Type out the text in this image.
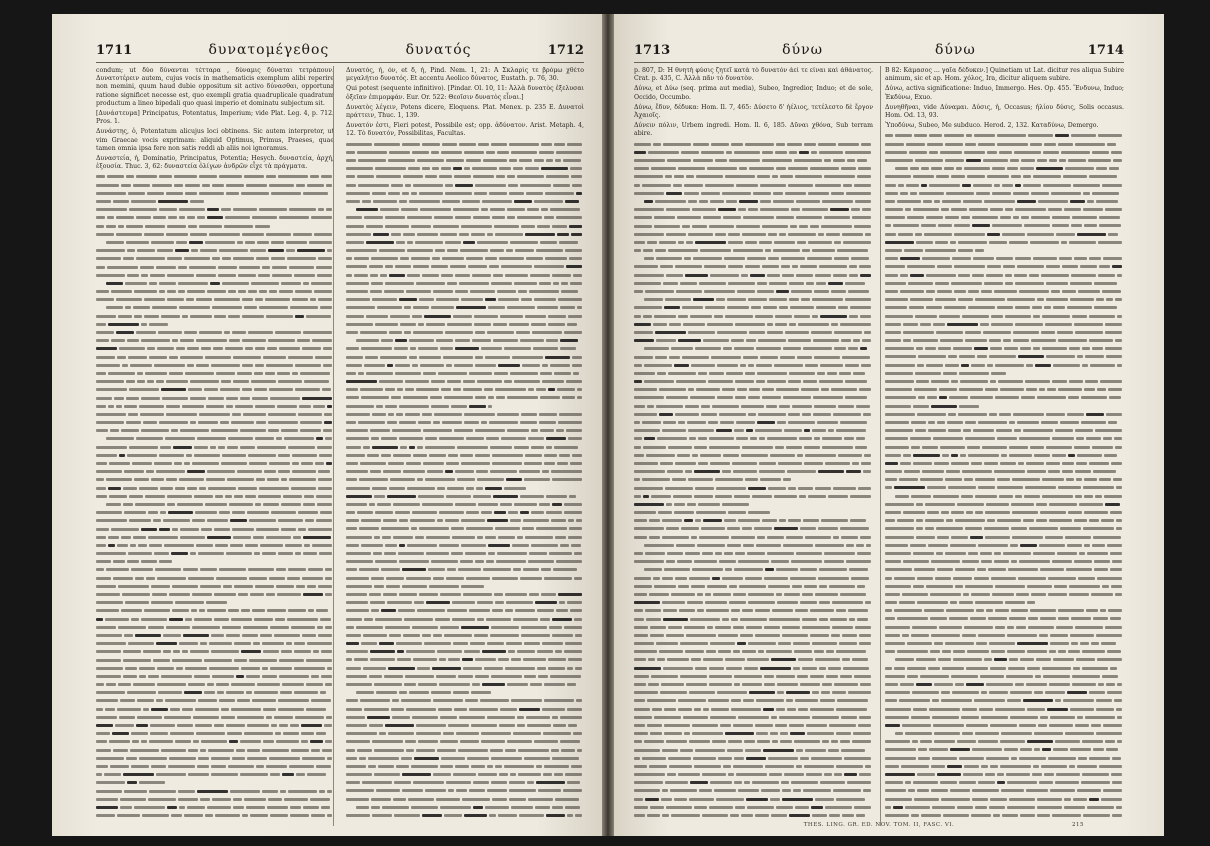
1711	δυνατομέγεθος	δυνατός	1712

condum; ut δύο δύνανται τέτταρα , δύναμις δύναται τετράπουν. Δυνατοτέρειν autem, cujus vocis in mathematicis exemplum alibi reperire non memini, quum haud dubie oppositum sit activo δύνασθαι, opportuna ratione significet necesse est, quo exempli gratia quadruplicale quadratum productum a lineo bipedali quo quasi imperio et dominatu subjectum sit.

[Δυνάστευμα] Principatus, Potentatus, Imperium; vide Plat. Leg. 4, p. 712. Pros. 1.

Δυνάστης, ὁ, Potentatum alicujus loci obtinens. Sic autem interpretor, ut vim Graecae vocis exprimam: aliquid Optimus, Primus, Praeses, quae tamen omnia ipsa fere non satis reddi ab aliis noi ignoramus.

Δυναστεία, ἡ, Dominatio, Principatus, Potentia; Hesych. δυναστεία, ἀρχή, ἐξουσία. Thuc. 3, 62: δυναστεία ὀλίγων ἀνδρῶν εἶχε τὰ πράγματα.

Δυνατός, ή, όν, et δ, ἡ, Pind. Nem. 1, 21: Ἀ Σκλαρὶς τε βρόμω χθέτο μεγαλήτιο δυνατός. Et accentu Aeolico δύνατος, Eustath. p. 76, 30.

Qui potest (sequente infinitivo). [Pindar. Ol. 10, 11: Ἀλλὰ δυνατὸς ἐξελυσαι ὀξεῖαν ἐπιμομφάν. Eur. Or. 522: Θεοῖσιν δυνατὸς εἶναι.]

Δυνατὸς λέγειν, Potens dicere, Eloquens. Plat. Menex. p. 235 E. Δυνατοὶ πράττειν, Thuc. 1, 139.

Δυνατόν ἐστι, Fieri potest, Possibile est; opp. ἀδύνατον. Arist. Metaph. 4, 12. Τὸ δυνατόν, Possibilitas, Facultas.

1713	δύνω	δύνω	1714

p. 807, D: Ἡ θνητὴ φύσις ζητεῖ κατὰ τὸ δυνατὸν ἀεί τε εἶναι καὶ ἀθάνατος. Crat. p. 435, C. Ἀλλὰ πᾶν τὸ δυνατὸν.

Δύνω, et Δύω (seq. prima aut media), Subeo, Ingredior, Induo; et de sole, Occido, Occumbo.

Δύνω, ἔδυν, δέδυκα: Hom. Il. 7, 465: Δύσετο δ' ἠέλιος, τετέλεστο δὲ ἔργον Ἀχαιοῖς.

Δύνειν πόλιν, Urbem ingredi. Hom. Il. 6, 185. Δῦναι χθόνα, Sub terram abire.

B 82: Κάμασος ... γαῖα δέδυκεν.] Quinetiam ut Lat. dicitur res aliqua Subire animum, sic et ap. Hom. χόλος, Ira, dicitur aliquem subire.

Δύνω, activa significatione: Induo, Immergo. Hes. Op. 455. Ἔνδυνω, Induo; Ἐκδύνω, Exuo.

Δυνηθῆναι, vide Δύναμαι. Δύσις, ἡ, Occasus; ἡλίου δύσις, Solis occasus. Hom. Od. 13, 93.

Ὑποδύνω, Subeo, Me subduco. Herod. 2, 132. Καταδύνω, Demergo.

THES. LING. GR. ED. NOV. TOM. II, FASC. VI.	215
